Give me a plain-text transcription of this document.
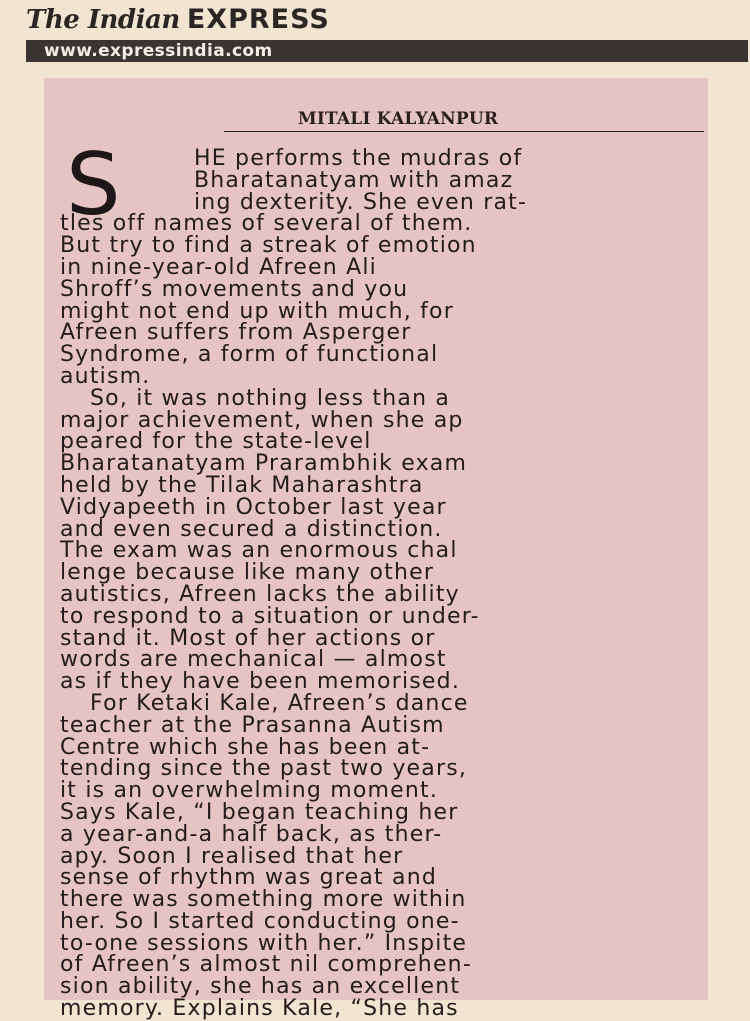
The Indian EXPRESS
www.expressindia.com
MITALI KALYANPUR
S	HE performs the mudras of
Bharatanatyam with amaz
ing dexterity. She even rat-
tles off names of several of them.
But try to find a streak of emotion
in nine-year-old Afreen Ali
Shroff’s movements and you
might not end up with much, for
Afreen suffers from Asperger
Syndrome, a form of functional
autism.
So, it was nothing less than a
major achievement, when she ap
peared for the state-level
Bharatanatyam Prarambhik exam
held by the Tilak Maharashtra
Vidyapeeth in October last year
and even secured a distinction.
The exam was an enormous chal
lenge because like many other
autistics, Afreen lacks the ability
to respond to a situation or under-
stand it. Most of her actions or
words are mechanical — almost
as if they have been memorised.
For Ketaki Kale, Afreen’s dance
teacher at the Prasanna Autism
Centre which she has been at-
tending since the past two years,
it is an overwhelming moment.
Says Kale, “I began teaching her
a year-and-a half back, as ther-
apy. Soon I realised that her
sense of rhythm was great and
there was something more within
her. So I started conducting one-
to-one sessions with her.” Inspite
of Afreen’s almost nil comprehen-
sion ability, she has an excellent
memory. Explains Kale, “She has
